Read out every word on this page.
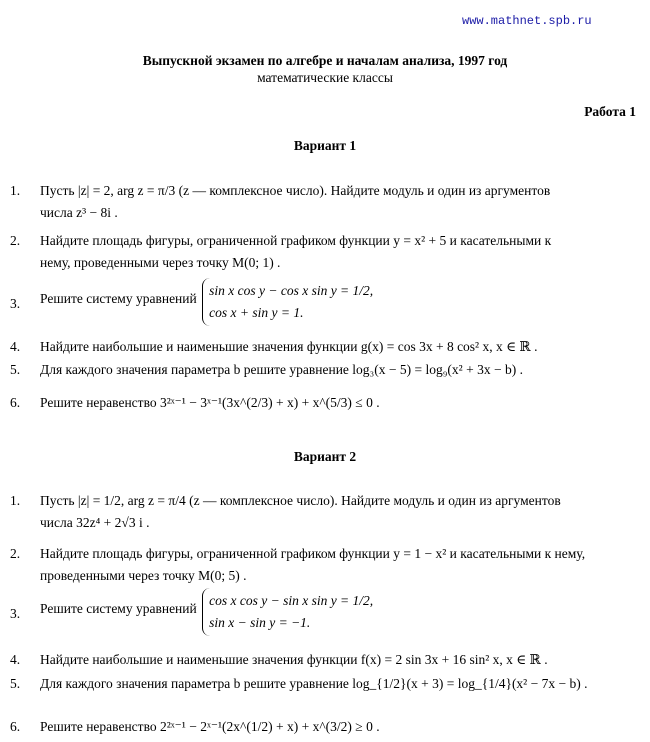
www.mathnet.spb.ru
Выпускной экзамен по алгебре и началам анализа, 1997 год
математические классы
Работа 1
Вариант 1
1.	Пусть |z| = 2, arg z = π/3 (z — комплексное число). Найдите модуль и один из аргументов
числа z³ − 8i .
2.	Найдите площадь фигуры, ограниченной графиком функции y = x² + 5 и касательными к
нему, проведенными через точку M(0; 1) .
3.	Решите систему уравнений sin x cos y − cos x sin y = 1/2,
cos x + sin y = 1.
4.	Найдите наибольшие и наименьшие значения функции g(x) = cos 3x + 8 cos² x, x ∈ ℝ .
5.	Для каждого значения параметра b решите уравнение log₃(x − 5) = log₉(x² + 3x − b) .
6.	Решите неравенство 3²ˣ⁻¹ − 3ˣ⁻¹(3x^(2/3) + x) + x^(5/3) ≤ 0 .
Вариант 2
1.	Пусть |z| = 1/2, arg z = π/4 (z — комплексное число). Найдите модуль и один из аргументов
числа 32z⁴ + 2√3 i .
2.	Найдите площадь фигуры, ограниченной графиком функции y = 1 − x² и касательными к нему,
проведенными через точку M(0; 5) .
3.	Решите систему уравнений cos x cos y − sin x sin y = 1/2,
sin x − sin y = −1.
4.	Найдите наибольшие и наименьшие значения функции f(x) = 2 sin 3x + 16 sin² x, x ∈ ℝ .
5.	Для каждого значения параметра b решите уравнение log_{1/2}(x + 3) = log_{1/4}(x² − 7x − b) .
6.	Решите неравенство 2²ˣ⁻¹ − 2ˣ⁻¹(2x^(1/2) + x) + x^(3/2) ≥ 0 .
